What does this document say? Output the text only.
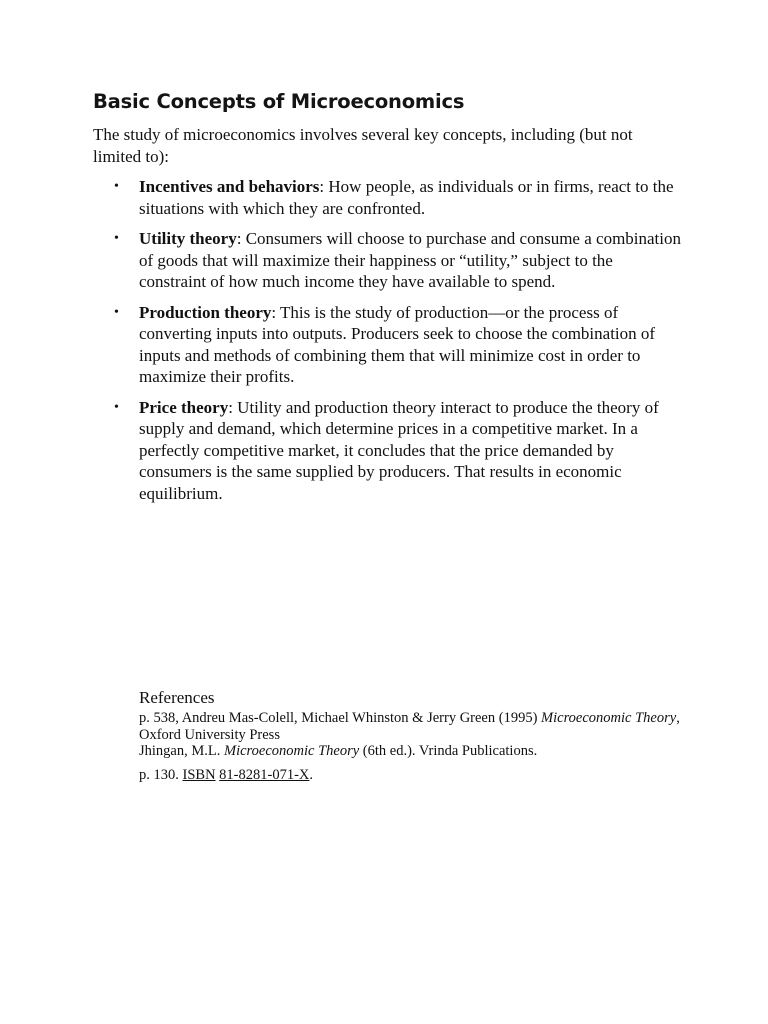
Basic Concepts of Microeconomics

The study of microeconomics involves several key concepts, including (but not limited to):

• Incentives and behaviors: How people, as individuals or in firms, react to the situations with which they are confronted.
• Utility theory: Consumers will choose to purchase and consume a combination of goods that will maximize their happiness or “utility,” subject to the constraint of how much income they have available to spend.
• Production theory: This is the study of production—or the process of converting inputs into outputs. Producers seek to choose the combination of inputs and methods of combining them that will minimize cost in order to maximize their profits.
• Price theory: Utility and production theory interact to produce the theory of supply and demand, which determine prices in a competitive market. In a perfectly competitive market, it concludes that the price demanded by consumers is the same supplied by producers. That results in economic equilibrium.
References
p. 538, Andreu Mas-Colell, Michael Whinston & Jerry Green (1995) Microeconomic Theory, Oxford University Press
Jhingan, M.L. Microeconomic Theory (6th ed.). Vrinda Publications.
p. 130. ISBN 81-8281-071-X.
